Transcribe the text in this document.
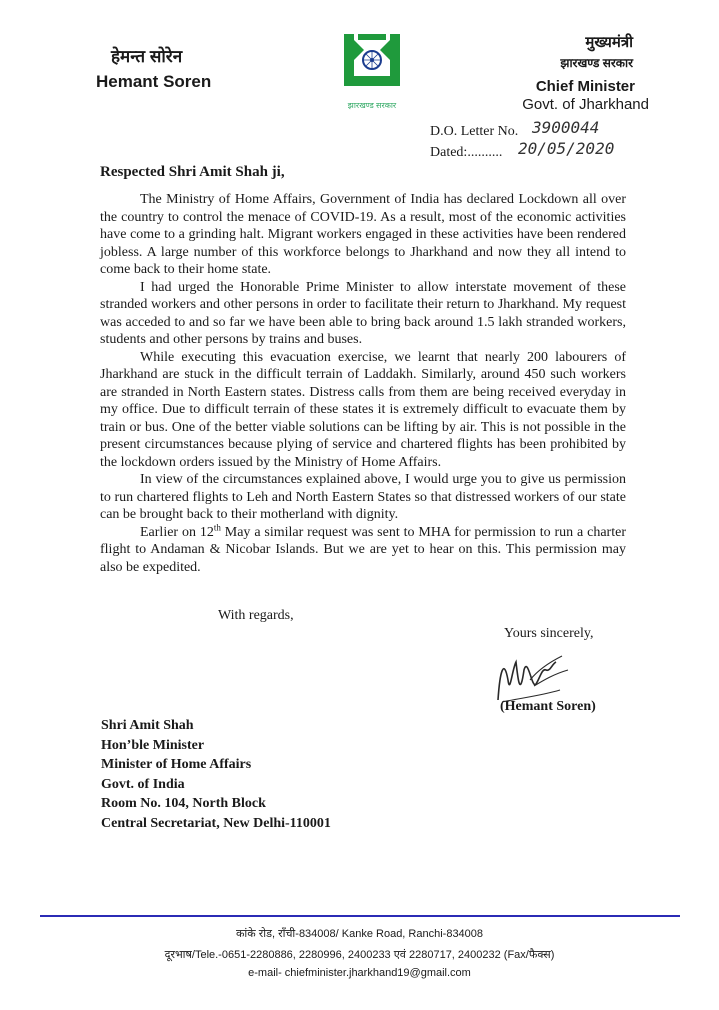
हेमन्त सोरेन
Hemant Soren
झारखण्ड सरकार
मुख्यमंत्री
झारखण्ड सरकार
Chief Minister
Govt. of Jharkhand
D.O. Letter No. 3900044
Dated:.......... 20/05/2020
Respected Shri Amit Shah ji,

The Ministry of Home Affairs, Government of India has declared Lockdown all over the country to control the menace of COVID-19. As a result, most of the economic activities have come to a grinding halt. Migrant workers engaged in these activities have been rendered jobless. A large number of this workforce belongs to Jharkhand and now they all intend to come back to their home state.

I had urged the Honorable Prime Minister to allow interstate movement of these stranded workers and other persons in order to facilitate their return to Jharkhand. My request was acceded to and so far we have been able to bring back around 1.5 lakh stranded workers, students and other persons by trains and buses.

While executing this evacuation exercise, we learnt that nearly 200 labourers of Jharkhand are stuck in the difficult terrain of Laddakh. Similarly, around 450 such workers are stranded in North Eastern states. Distress calls from them are being received everyday in my office. Due to difficult terrain of these states it is extremely difficult to evacuate them by train or bus. One of the better viable solutions can be lifting by air. This is not possible in the present circumstances because plying of service and chartered flights has been prohibited by the lockdown orders issued by the Ministry of Home Affairs.

In view of the circumstances explained above, I would urge you to give us permission to run chartered flights to Leh and North Eastern States so that distressed workers of our state can be brought back to their motherland with dignity.

Earlier on 12th May a similar request was sent to MHA for permission to run a charter flight to Andaman & Nicobar Islands. But we are yet to hear on this. This permission may also be expedited.

With regards,
Yours sincerely,
(Hemant Soren)
Shri Amit Shah
Hon’ble Minister
Minister of Home Affairs
Govt. of India
Room No. 104, North Block
Central Secretariat, New Delhi-110001
कांके रोड, राँची-834008/ Kanke Road, Ranchi-834008
दूरभाष/Tele.-0651-2280886, 2280996, 2400233 एवं 2280717, 2400232 (Fax/फैक्स)
e-mail- chiefminister.jharkhand19@gmail.com
